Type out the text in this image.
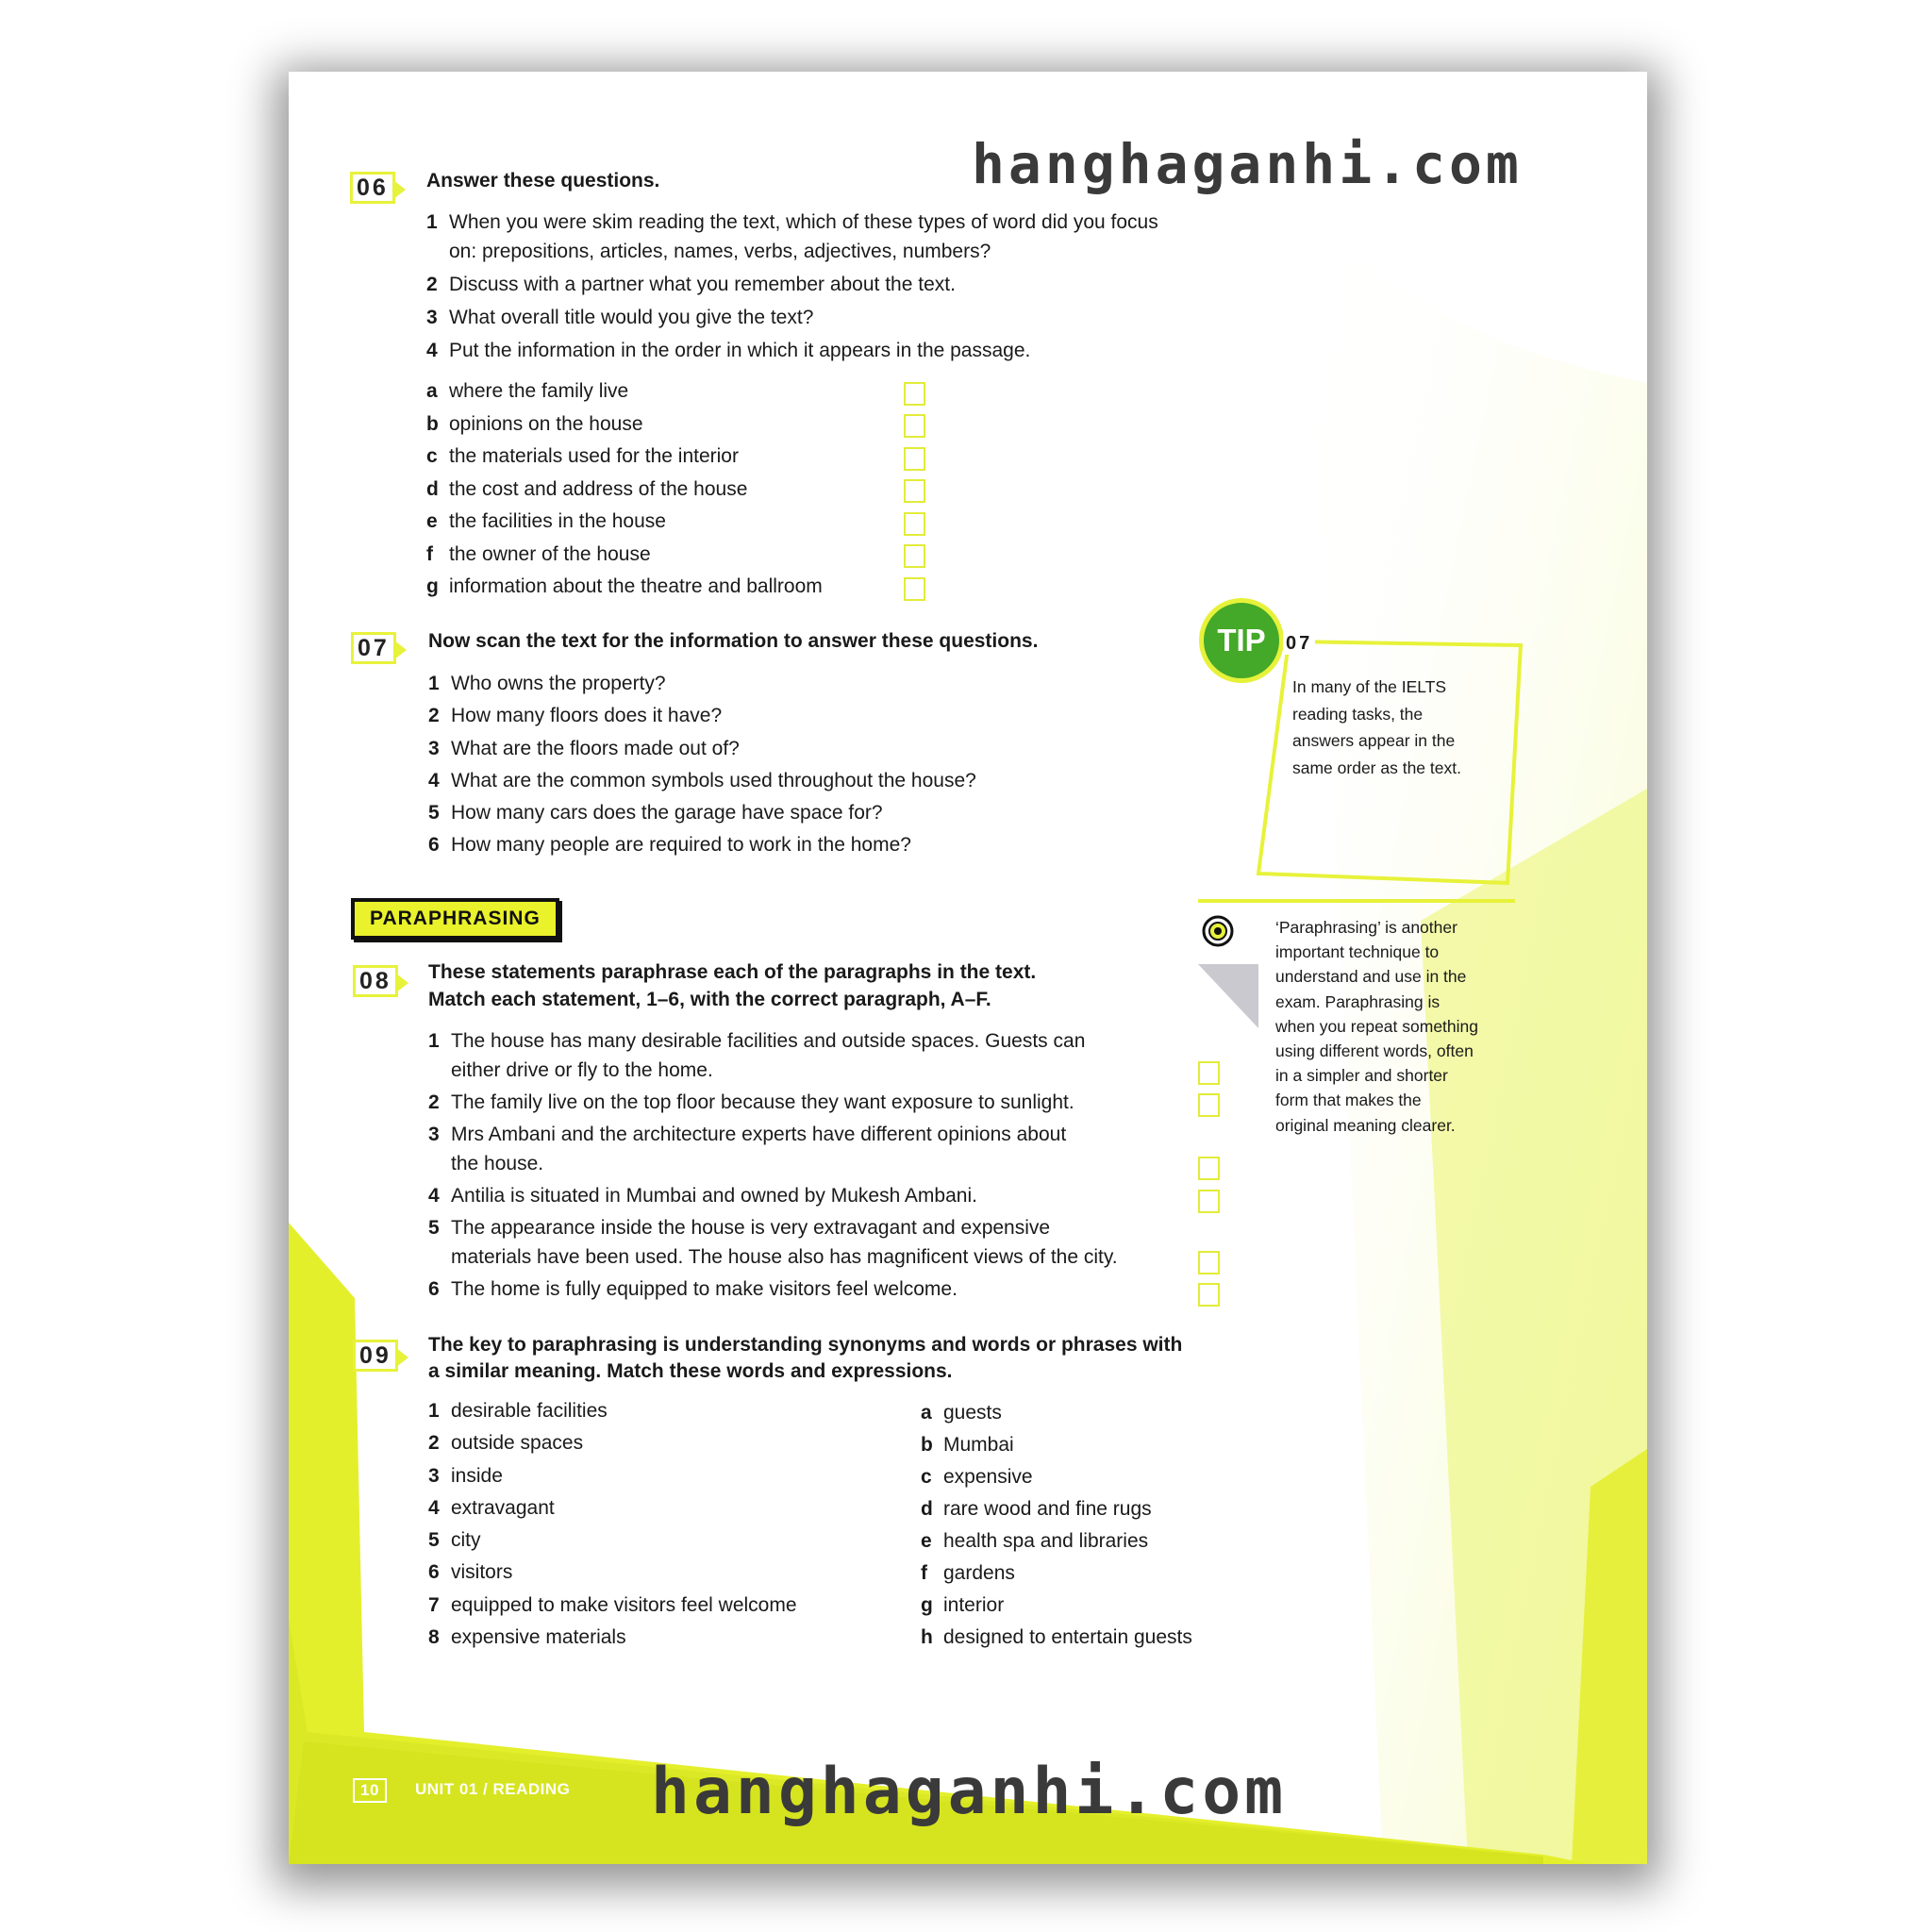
06 Answer these questions.
1 When you were skim reading the text, which of these types of word did you focus
on: prepositions, articles, names, verbs, adjectives, numbers?
2 Discuss with a partner what you remember about the text.
3 What overall title would you give the text?
4 Put the information in the order in which it appears in the passage.
a where the family live
b opinions on the house
c the materials used for the interior
d the cost and address of the house
e the facilities in the house
f the owner of the house
g information about the theatre and ballroom
07 Now scan the text for the information to answer these questions.
1 Who owns the property?
2 How many floors does it have?
3 What are the floors made out of?
4 What are the common symbols used throughout the house?
5 How many cars does the garage have space for?
6 How many people are required to work in the home?
TIP 07
In many of the IELTS
reading tasks, the
answers appear in the
same order as the text.
PARAPHRASING	‘Paraphrasing’ is another
important technique to
understand and use in the
exam. Paraphrasing is
when you repeat something
using different words, often
in a simpler and shorter
form that makes the
original meaning clearer.
08 These statements paraphrase each of the paragraphs in the text.
Match each statement, 1–6, with the correct paragraph, A–F.
1 The house has many desirable facilities and outside spaces. Guests can
either drive or fly to the home.
2 The family live on the top floor because they want exposure to sunlight.
3 Mrs Ambani and the architecture experts have different opinions about
the house.
4 Antilia is situated in Mumbai and owned by Mukesh Ambani.
5 The appearance inside the house is very extravagant and expensive
materials have been used. The house also has magnificent views of the city.
6 The home is fully equipped to make visitors feel welcome.
09 The key to paraphrasing is understanding synonyms and words or phrases with
a similar meaning. Match these words and expressions.
1 desirable facilities
2 outside spaces
3 inside
4 extravagant
5 city
6 visitors
7 equipped to make visitors feel welcome
8 expensive materials
a guests
b Mumbai
c expensive
d rare wood and fine rugs
e health spa and libraries
f gardens
g interior
h designed to entertain guests
10	UNIT 01 / READING
hanghaganhi.com
hanghaganhi.com
